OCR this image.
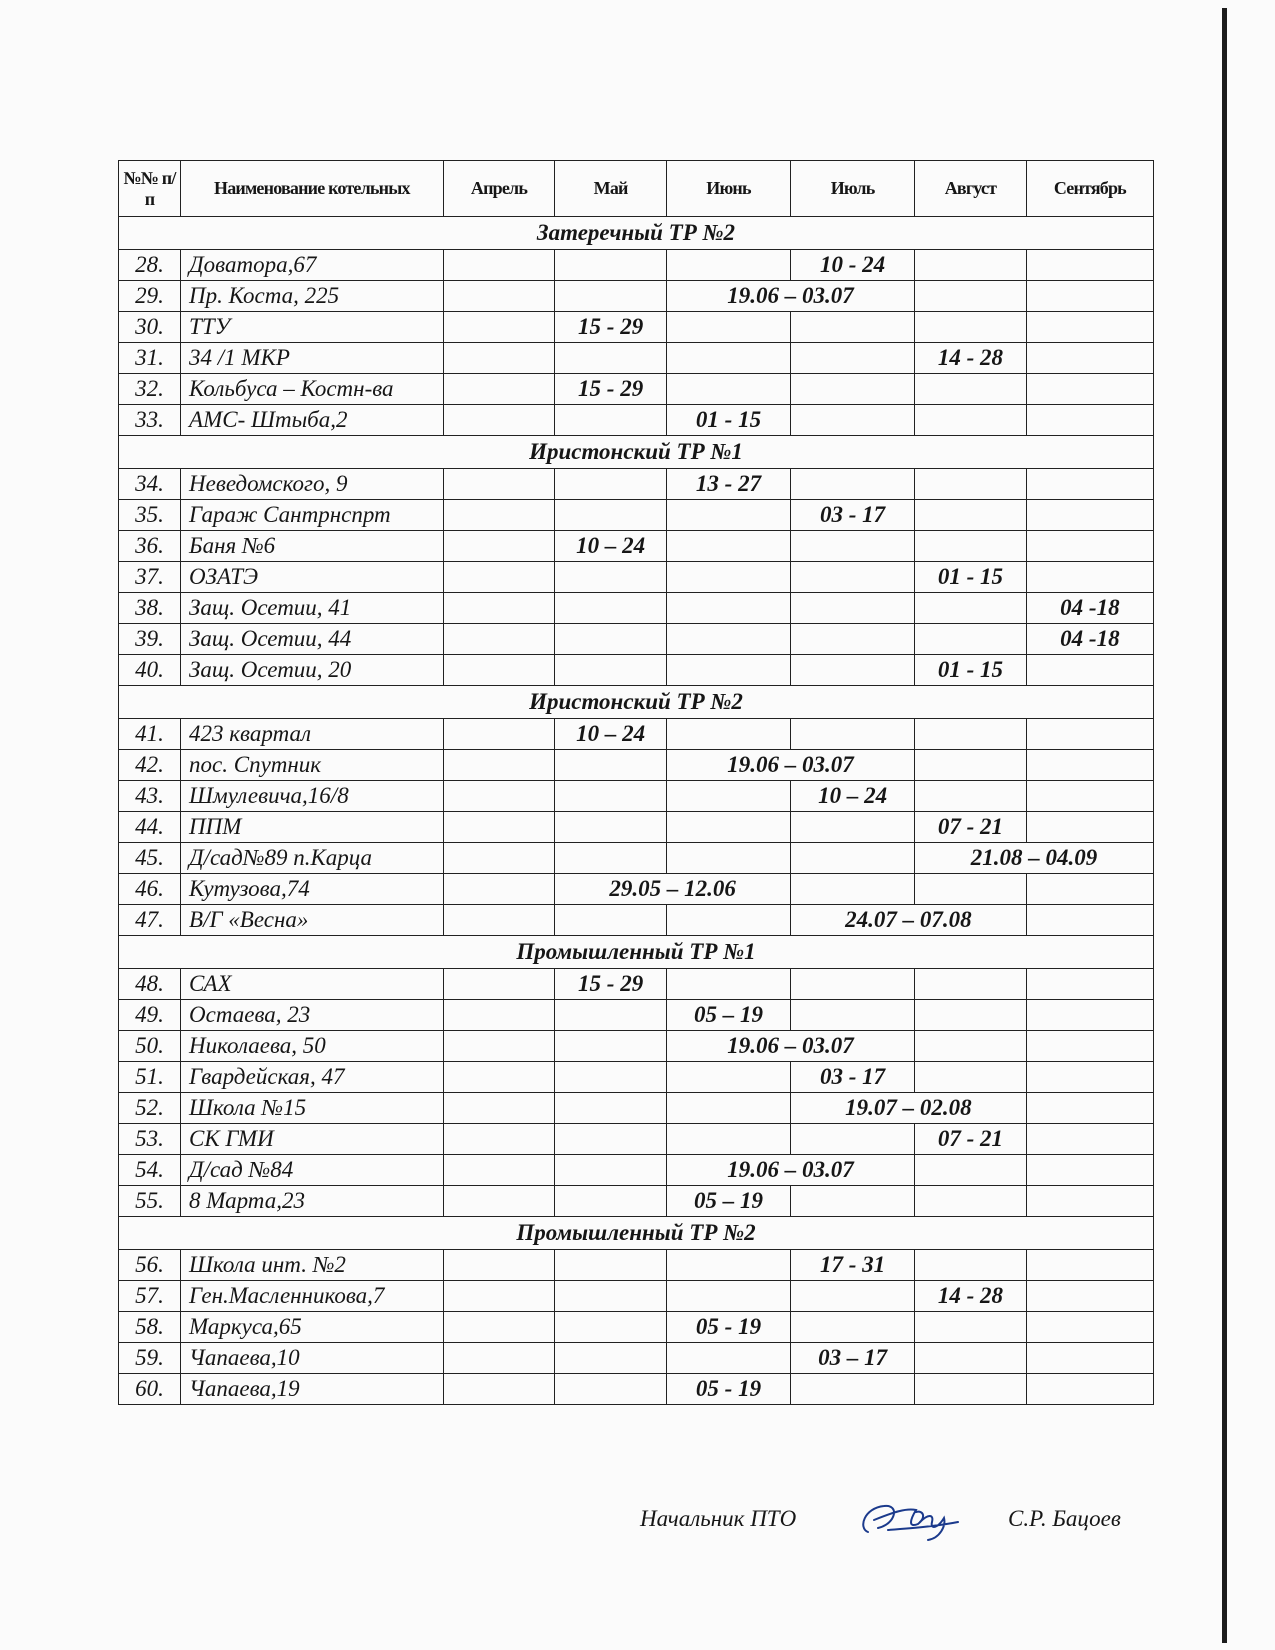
№№ п/п	Наименование котельных	Апрель	Май	Июнь	Июль	Август	Сентябрь
Затеречный ТР №2							
28.	Доватора,67				10 - 24		
29.	Пр. Коста, 225			19.06 – 03.07			
30.	ТТУ		15 - 29				
31.	34 /1 МКР					14 - 28	
32.	Кольбуса – Костн-ва		15 - 29				
33.	АМС- Штыба,2			01 - 15			
Иристонский ТР №1							
34.	Неведомского, 9			13 - 27			
35.	Гараж Сантрнспрт				03 - 17		
36.	Баня №6		10 – 24				
37.	ОЗАТЭ					01 - 15	
38.	Защ. Осетии, 41						04 -18
39.	Защ. Осетии, 44						04 -18
40.	Защ. Осетии, 20					01 - 15	
Иристонский ТР №2							
41.	423 квартал		10 – 24				
42.	пос. Спутник			19.06 – 03.07			
43.	Шмулевича,16/8				10 – 24		
44.	ППМ					07 - 21	
45.	Д/сад№89 п.Карца					21.08 – 04.09	
46.	Кутузова,74		29.05 – 12.06				
47.	В/Г «Весна»				24.07 – 07.08		
Промышленный ТР №1							
48.	САХ		15 - 29				
49.	Остаева, 23			05 – 19			
50.	Николаева, 50			19.06 – 03.07			
51.	Гвардейская, 47				03 - 17		
52.	Школа №15				19.07 – 02.08		
53.	СК ГМИ					07 - 21	
54.	Д/сад №84			19.06 – 03.07			
55.	8 Марта,23			05 – 19			
Промышленный ТР №2							
56.	Школа инт. №2				17 - 31		
57.	Ген.Масленникова,7					14 - 28	
58.	Маркуса,65			05 - 19			
59.	Чапаева,10				03 – 17		
60.	Чапаева,19			05 - 19			
Начальник ПТО	С.Р. Бацоев
